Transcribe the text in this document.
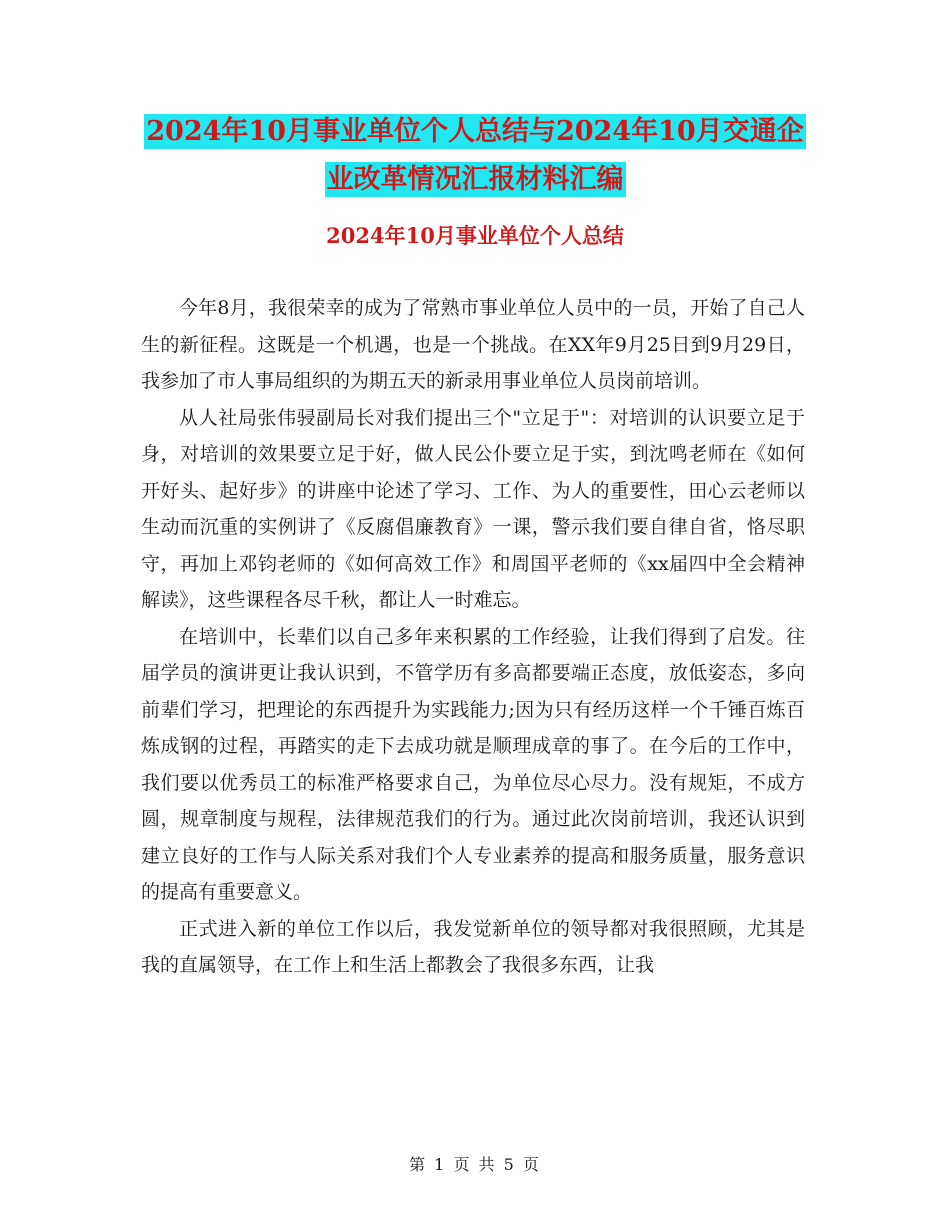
2024年10月事业单位个人总结与2024年10月交通企
业改革情况汇报材料汇编
2024年10月事业单位个人总结

今年8月，我很荣幸的成为了常熟市事业单位人员中的一员，开始了自己人生的新征程。这既是一个机遇，也是一个挑战。在XX年9月25日到9月29日，我参加了市人事局组织的为期五天的新录用事业单位人员岗前培训。

从人社局张伟骎副局长对我们提出三个"立足于"：对培训的认识要立足于身，对培训的效果要立足于好，做人民公仆要立足于实，到沈鸣老师在《如何开好头、起好步》的讲座中论述了学习、工作、为人的重要性，田心云老师以生动而沉重的实例讲了《反腐倡廉教育》一课，警示我们要自律自省，恪尽职守，再加上邓钧老师的《如何高效工作》和周国平老师的《xx届四中全会精神解读》，这些课程各尽千秋，都让人一时难忘。

在培训中，长辈们以自己多年来积累的工作经验，让我们得到了启发。往届学员的演讲更让我认识到，不管学历有多高都要端正态度，放低姿态，多向前辈们学习，把理论的东西提升为实践能力;因为只有经历这样一个千锤百炼百炼成钢的过程，再踏实的走下去成功就是顺理成章的事了。在今后的工作中，我们要以优秀员工的标准严格要求自己，为单位尽心尽力。没有规矩，不成方圆，规章制度与规程，法律规范我们的行为。通过此次岗前培训，我还认识到建立良好的工作与人际关系对我们个人专业素养的提高和服务质量，服务意识的提高有重要意义。

正式进入新的单位工作以后，我发觉新单位的领导都对我很照顾，尤其是我的直属领导，在工作上和生活上都教会了我很多东西，让我

第 1 页 共 5 页
